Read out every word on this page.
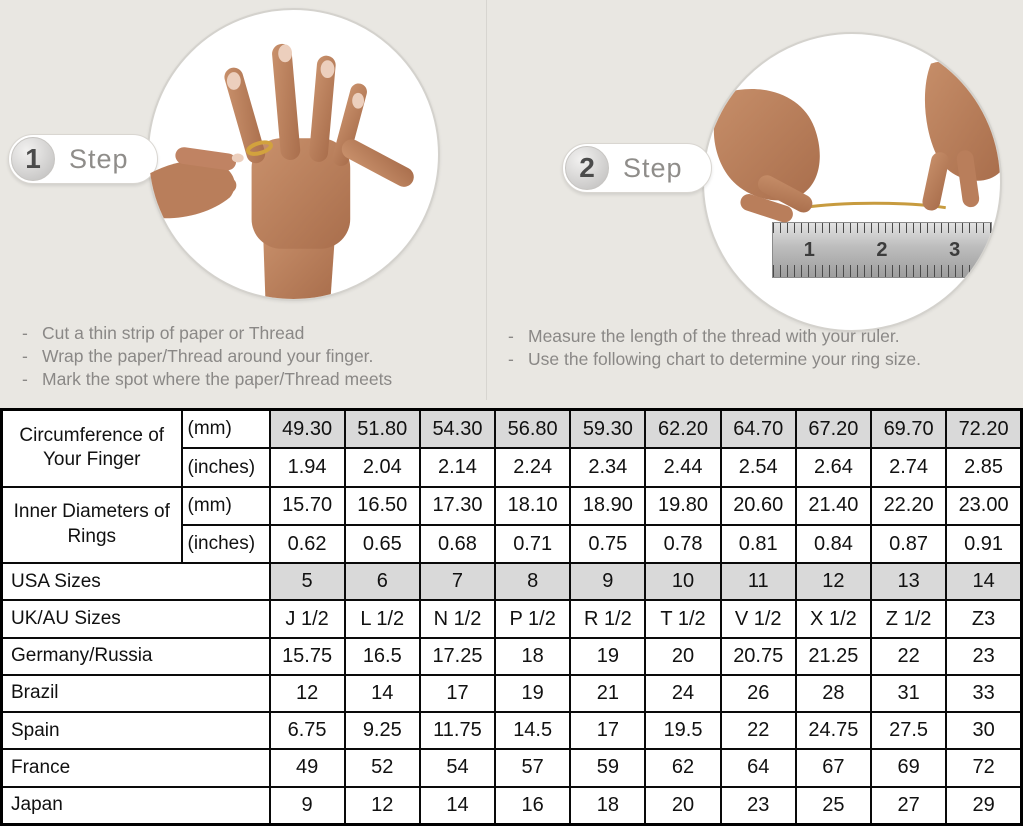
1	Step
- Cut a thin strip of paper or Thread
- Wrap the paper/Thread around your finger.
- Mark the spot where the paper/Thread meets
1	2	3
2	Step
- Measure the length of the thread with your ruler.
- Use the following chart to determine your ring size.
Circumference of Your Finger	(mm)	49.30	51.80	54.30	56.80	59.30	62.20	64.70	67.20	69.70	72.20
	(inches)	1.94	2.04	2.14	2.24	2.34	2.44	2.54	2.64	2.74	2.85
Inner Diameters of Rings	(mm)	15.70	16.50	17.30	18.10	18.90	19.80	20.60	21.40	22.20	23.00
	(inches)	0.62	0.65	0.68	0.71	0.75	0.78	0.81	0.84	0.87	0.91
USA Sizes		5	6	7	8	9	10	11	12	13	14
UK/AU Sizes		J 1/2	L 1/2	N 1/2	P 1/2	R 1/2	T 1/2	V 1/2	X 1/2	Z 1/2	Z3
Germany/Russia		15.75	16.5	17.25	18	19	20	20.75	21.25	22	23
Brazil		12	14	17	19	21	24	26	28	31	33
Spain		6.75	9.25	11.75	14.5	17	19.5	22	24.75	27.5	30
France		49	52	54	57	59	62	64	67	69	72
Japan		9	12	14	16	18	20	23	25	27	29
